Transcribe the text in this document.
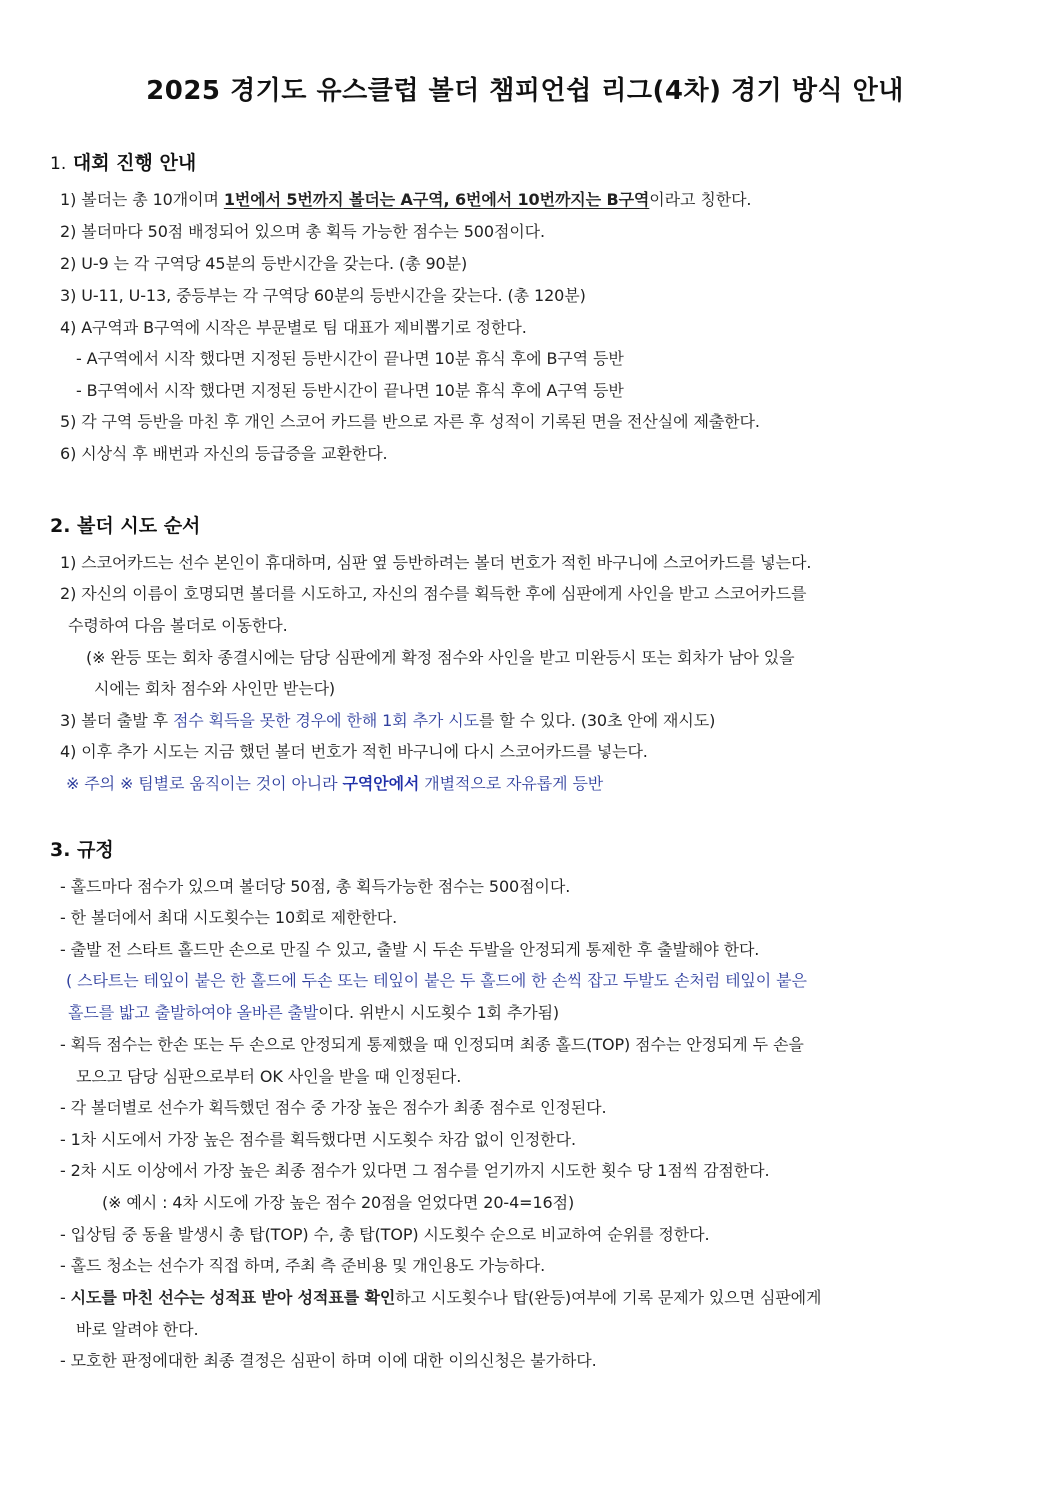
2025 경기도 유스클럽 볼더 챔피언쉽 리그(4차) 경기 방식 안내
1. 대회 진행 안내
1) 볼더는 총 10개이며 1번에서 5번까지 볼더는 A구역, 6번에서 10번까지는 B구역이라고 칭한다.
2) 볼더마다 50점 배정되어 있으며 총 획득 가능한 점수는 500점이다.
2) U-9 는 각 구역당 45분의 등반시간을 갖는다. (총 90분)
3) U-11, U-13, 중등부는 각 구역당 60분의 등반시간을 갖는다. (총 120분)
4) A구역과 B구역에 시작은 부문별로 팀 대표가 제비뽑기로 정한다.
- A구역에서 시작 했다면 지정된 등반시간이 끝나면 10분 휴식 후에 B구역 등반
- B구역에서 시작 했다면 지정된 등반시간이 끝나면 10분 휴식 후에 A구역 등반
5) 각 구역 등반을 마친 후 개인 스코어 카드를 반으로 자른 후 성적이 기록된 면을 전산실에 제출한다.
6) 시상식 후 배번과 자신의 등급증을 교환한다.
2. 볼더 시도 순서
1) 스코어카드는 선수 본인이 휴대하며, 심판 옆 등반하려는 볼더 번호가 적힌 바구니에 스코어카드를 넣는다.
2) 자신의 이름이 호명되면 볼더를 시도하고, 자신의 점수를 획득한 후에 심판에게 사인을 받고 스코어카드를
수령하여 다음 볼더로 이동한다.
(※ 완등 또는 회차 종결시에는 담당 심판에게 확정 점수와 사인을 받고 미완등시 또는 회차가 남아 있을
시에는 회차 점수와 사인만 받는다)
3) 볼더 출발 후 점수 획득을 못한 경우에 한해 1회 추가 시도를 할 수 있다. (30초 안에 재시도)
4) 이후 추가 시도는 지금 했던 볼더 번호가 적힌 바구니에 다시 스코어카드를 넣는다.
※ 주의 ※ 팀별로 움직이는 것이 아니라 구역안에서 개별적으로 자유롭게 등반
3. 규정
- 홀드마다 점수가 있으며 볼더당 50점, 총 획득가능한 점수는 500점이다.
- 한 볼더에서 최대 시도횟수는 10회로 제한한다.
- 출발 전 스타트 홀드만 손으로 만질 수 있고, 출발 시 두손 두발을 안정되게 통제한 후 출발해야 한다.
( 스타트는 테잎이 붙은 한 홀드에 두손 또는 테잎이 붙은 두 홀드에 한 손씩 잡고 두발도 손처럼 테잎이 붙은
홀드를 밟고 출발하여야 올바른 출발이다. 위반시 시도횟수 1회 추가됨)
- 획득 점수는 한손 또는 두 손으로 안정되게 통제했을 때 인정되며 최종 홀드(TOP) 점수는 안정되게 두 손을
모으고 담당 심판으로부터 OK 사인을 받을 때 인정된다.
- 각 볼더별로 선수가 획득했던 점수 중 가장 높은 점수가 최종 점수로 인정된다.
- 1차 시도에서 가장 높은 점수를 획득했다면 시도횟수 차감 없이 인정한다.
- 2차 시도 이상에서 가장 높은 최종 점수가 있다면 그 점수를 얻기까지 시도한 횟수 당 1점씩 감점한다.
(※ 예시 : 4차 시도에 가장 높은 점수 20점을 얻었다면 20-4=16점)
- 입상팀 중 동율 발생시 총 탑(TOP) 수, 총 탑(TOP) 시도횟수 순으로 비교하여 순위를 정한다.
- 홀드 청소는 선수가 직접 하며, 주최 측 준비용 및 개인용도 가능하다.
- 시도를 마친 선수는 성적표 받아 성적표를 확인하고 시도횟수나 탑(완등)여부에 기록 문제가 있으면 심판에게
바로 알려야 한다.
- 모호한 판정에대한 최종 결정은 심판이 하며 이에 대한 이의신청은 불가하다.
